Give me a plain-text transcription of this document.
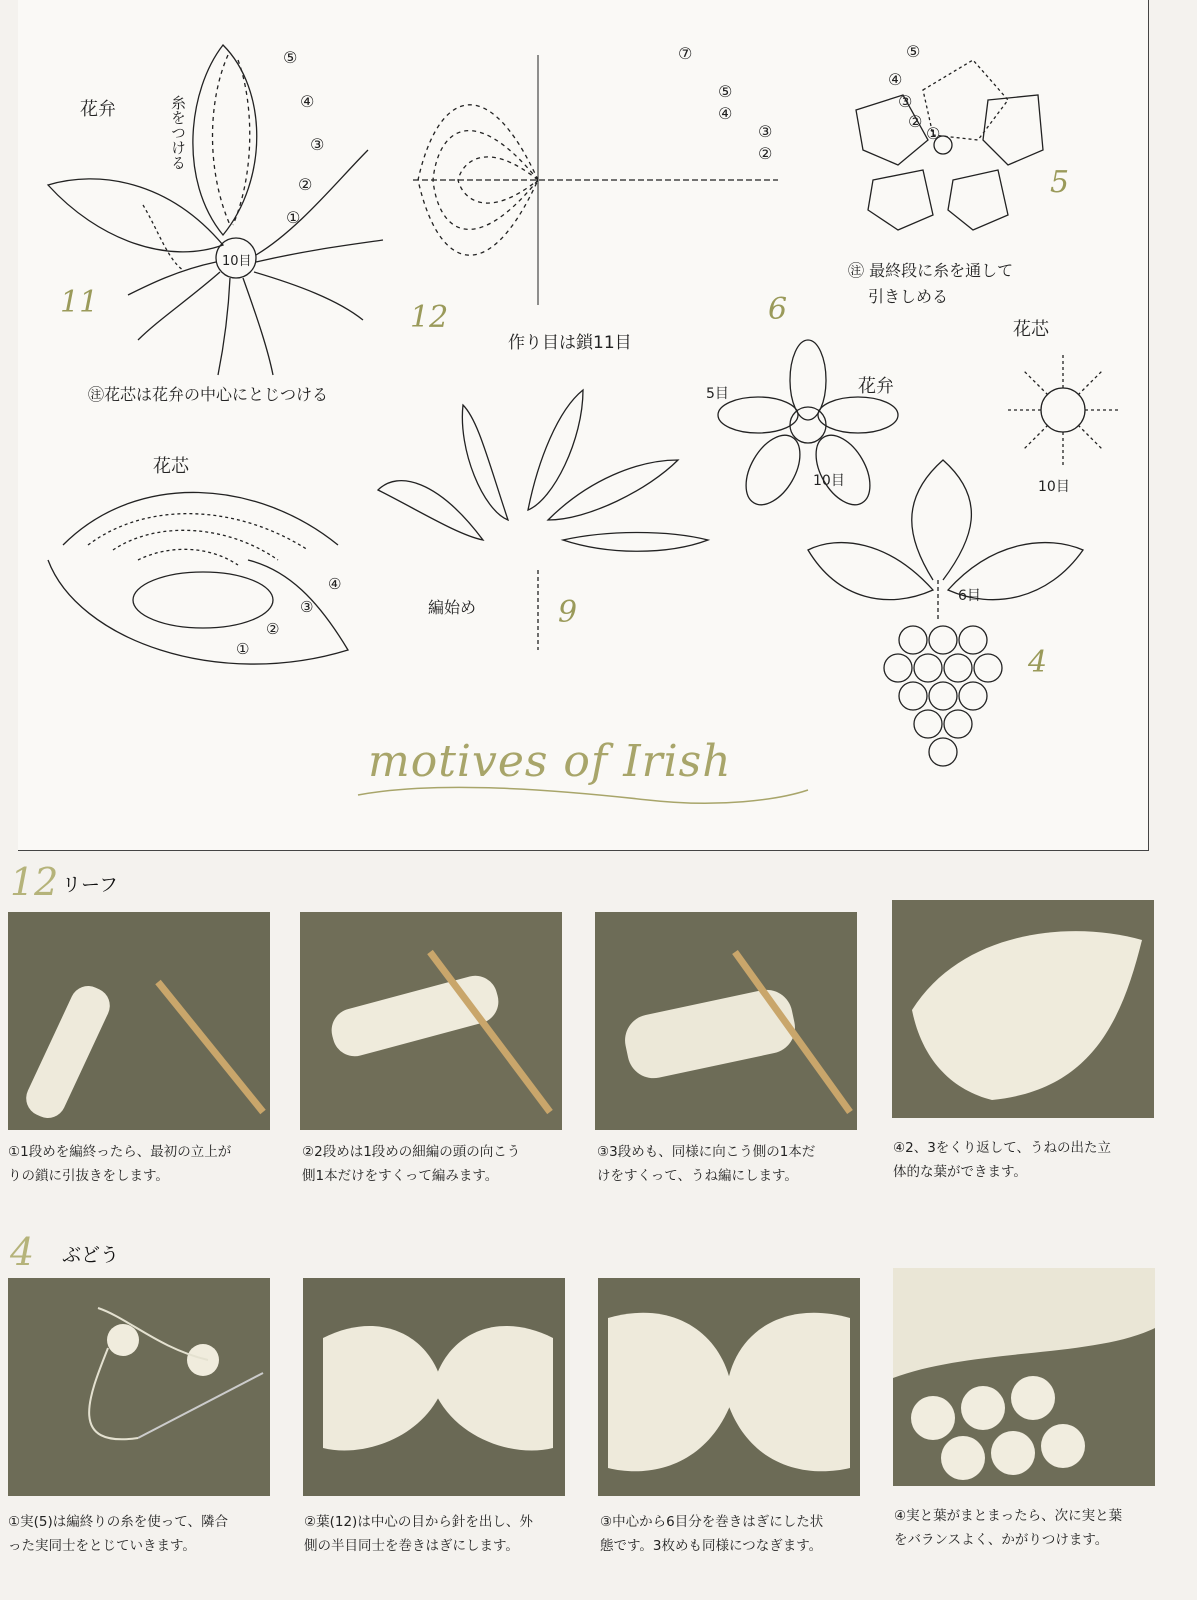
花弁	糸をつける
10目
11
⑤
④
③
②
①
⑦
⑤
④
③
②
12
作り目は鎖11目
⑤
④
③
②
①
5
㊟ 最終段に糸を通して
引きしめる
㊟花芯は花弁の中心にとじつける
花芯
①
②
③
④
編始め	9
6
花弁
5目
10目
花芯
10目
6目
4
motives of Irish
12 リーフ
①1段めを編終ったら、最初の立上が
りの鎖に引抜きをします。
②2段めは1段めの細編の頭の向こう
側1本だけをすくって編みます。
③3段めも、同様に向こう側の1本だ
けをすくって、うね編にします。
④2、3をくり返して、うねの出た立
体的な葉ができます。
4 ぶどう
①実(5)は編終りの糸を使って、隣合
った実同士をとじていきます。
②葉(12)は中心の目から針を出し、外
側の半目同士を巻きはぎにします。
③中心から6目分を巻きはぎにした状
態です。3枚めも同様につなぎます。
④実と葉がまとまったら、次に実と葉
をバランスよく、かがりつけます。
